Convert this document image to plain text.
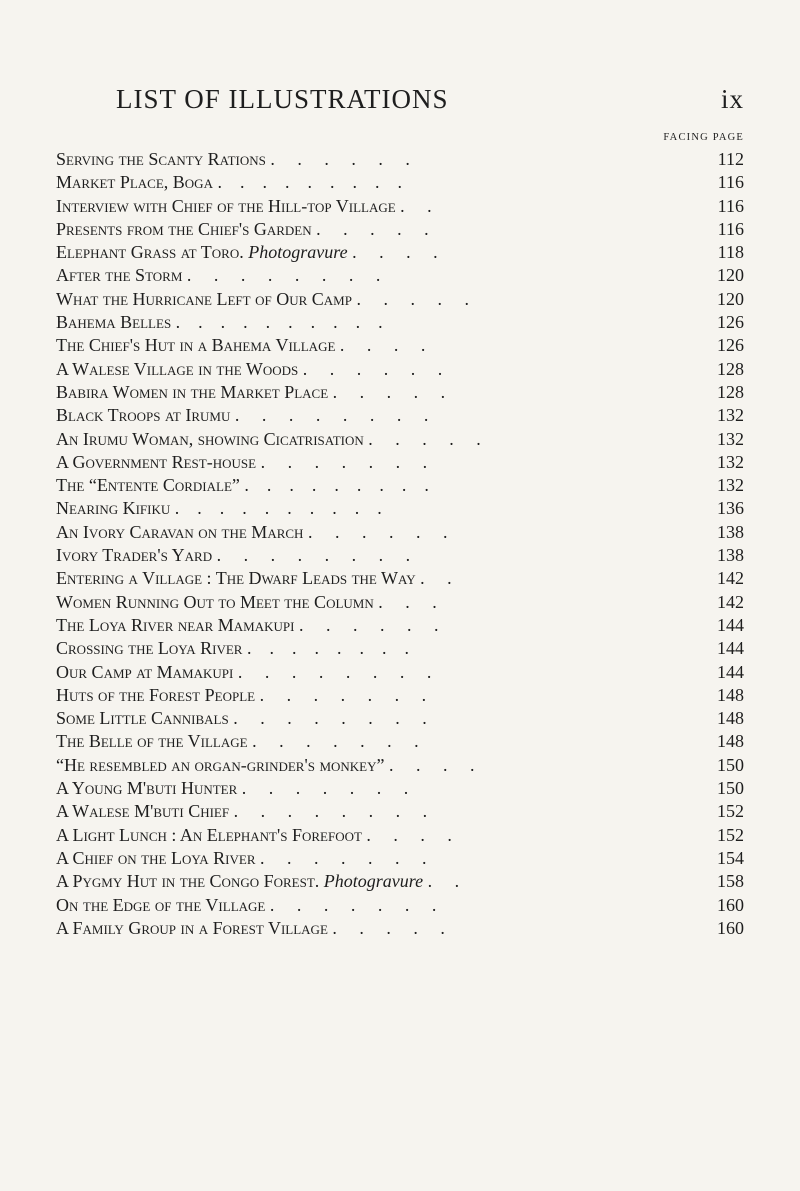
LIST OF ILLUSTRATIONS	ix
FACING PAGE
Serving the Scanty Rations .     .     .     .     .     .	112
Market Place, Boga .    .    .    .    .    .    .    .    .	116
Interview with Chief of the Hill-top Village .     .	116
Presents from the Chief's Garden .     .     .     .     .	116
Elephant Grass at Toro. Photogravure .     .     .     .	118
After the Storm .     .     .     .     .     .     .     .	120
What the Hurricane Left of Our Camp .     .     .     .     .	120
Bahema Belles .    .    .    .    .    .    .    .    .    .	126
The Chief's Hut in a Bahema Village .     .     .     .	126
A Walese Village in the Woods .     .     .     .     .     .	128
Babira Women in the Market Place .     .     .     .     .	128
Black Troops at Irumu .     .     .     .     .     .     .     .	132
An Irumu Woman, showing Cicatrisation .     .     .     .     .	132
A Government Rest-house .     .     .     .     .     .     .	132
The “Entente Cordiale” .    .    .    .    .    .    .    .    .	132
Nearing Kifiku .    .    .    .    .    .    .    .    .    .	136
An Ivory Caravan on the March .     .     .     .     .     .	138
Ivory Trader's Yard .     .     .     .     .     .     .     .	138
Entering a Village : The Dwarf Leads the Way .     .	142
Women Running Out to Meet the Column .     .     .	142
The Loya River near Mamakupi .     .     .     .     .     .	144
Crossing the Loya River .    .    .    .    .    .    .    .	144
Our Camp at Mamakupi .     .     .     .     .     .     .     .	144
Huts of the Forest People .     .     .     .     .     .     .	148
Some Little Cannibals .     .     .     .     .     .     .     .	148
The Belle of the Village .     .     .     .     .     .     .	148
“He resembled an organ-grinder's monkey” .     .     .     .	150
A Young M'buti Hunter .     .     .     .     .     .     .	150
A Walese M'buti Chief .     .     .     .     .     .     .     .	152
A Light Lunch : An Elephant's Forefoot .     .     .     .	152
A Chief on the Loya River .     .     .     .     .     .     .	154
A Pygmy Hut in the Congo Forest. Photogravure .     .	158
On the Edge of the Village .     .     .     .     .     .     .	160
A Family Group in a Forest Village .     .     .     .     .	160
